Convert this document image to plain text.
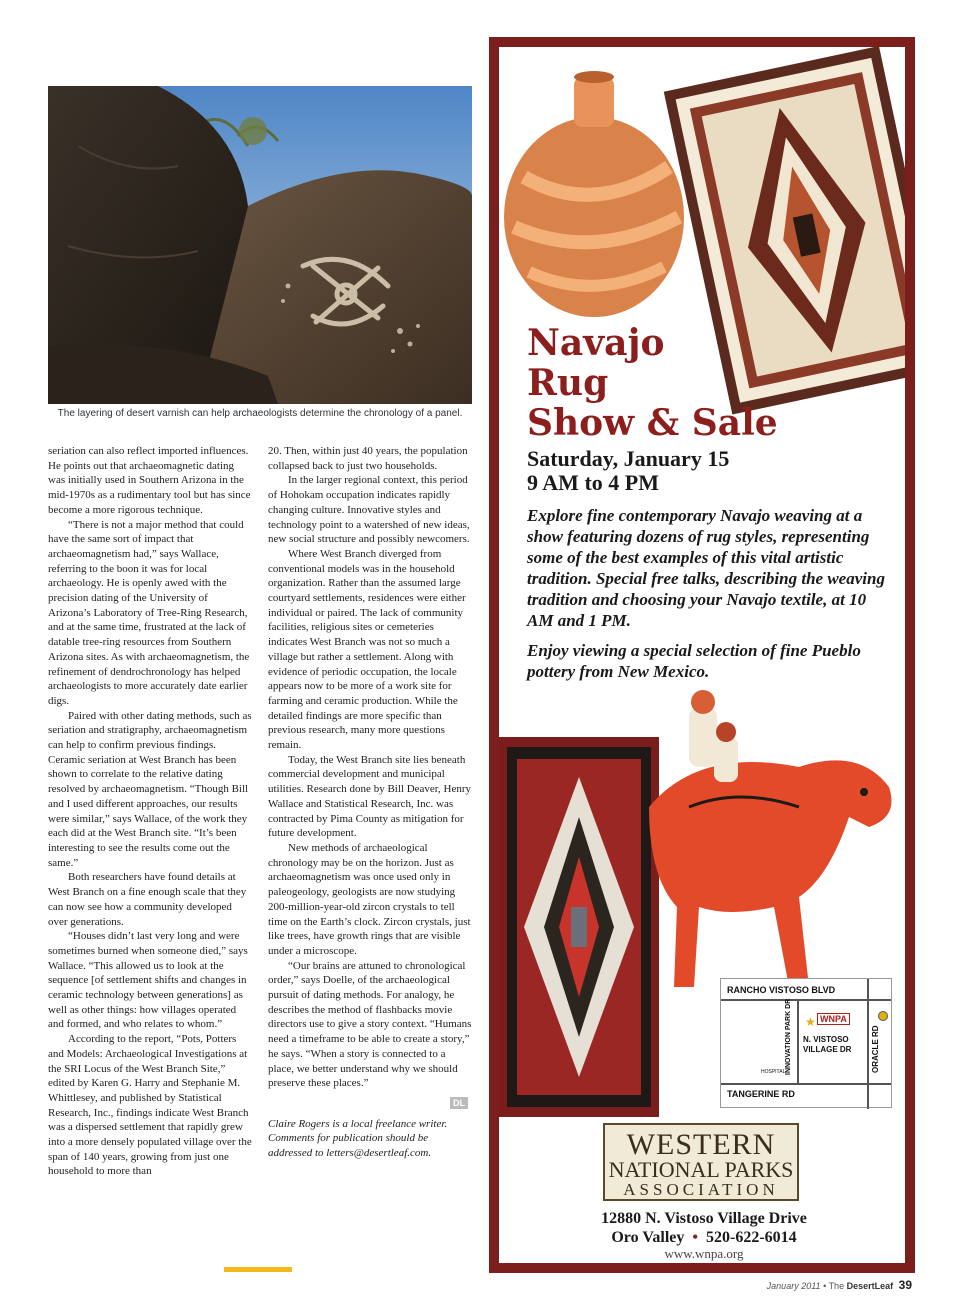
The layering of desert varnish can help archaeologists determine the chronology of a panel.

seriation can also reflect imported influences. He points out that archaeomagnetic dating was initially used in Southern Arizona in the mid-1970s as a rudimentary tool but has since become a more rigorous technique.

“There is not a major method that could have the same sort of impact that archaeomagnetism had,” says Wallace, referring to the boon it was for local archaeology. He is openly awed with the precision dating of the University of Arizona’s Laboratory of Tree-Ring Research, and at the same time, frustrated at the lack of datable tree-ring resources from Southern Arizona sites. As with archaeomagnetism, the refinement of dendrochronology has helped archaeologists to more accurately date earlier digs.

Paired with other dating methods, such as seriation and stratigraphy, archaeomagnetism can help to confirm previous findings. Ceramic seriation at West Branch has been shown to correlate to the relative dating resolved by archaeomagnetism. “Though Bill and I used different approaches, our results were similar,” says Wallace, of the work they each did at the West Branch site. “It’s been interesting to see the results come out the same.”

Both researchers have found details at West Branch on a fine enough scale that they can now see how a community developed over generations.

“Houses didn’t last very long and were sometimes burned when someone died,” says Wallace. “This allowed us to look at the sequence [of settlement shifts and changes in ceramic technology between generations] as well as other things: how villages operated and formed, and who relates to whom.”

According to the report, “Pots, Potters and Models: Archaeological Investigations at the SRI Locus of the West Branch Site,” edited by Karen G. Harry and Stephanie M. Whittlesey, and published by Statistical Research, Inc., findings indicate West Branch was a dispersed settlement that rapidly grew into a more densely populated village over the span of 140 years, growing from just one household to more than

20. Then, within just 40 years, the population collapsed back to just two households.

In the larger regional context, this period of Hohokam occupation indicates rapidly changing culture. Innovative styles and technology point to a watershed of new ideas, new social structure and possibly newcomers.

Where West Branch diverged from conventional models was in the household organization. Rather than the assumed large courtyard settlements, residences were either individual or paired. The lack of community facilities, religious sites or cemeteries indicates West Branch was not so much a village but rather a settlement. Along with evidence of periodic occupation, the locale appears now to be more of a work site for farming and ceramic production. While the detailed findings are more specific than previous research, many more questions remain.

Today, the West Branch site lies beneath commercial development and municipal utilities. Research done by Bill Deaver, Henry Wallace and Statistical Research, Inc. was contracted by Pima County as mitigation for future development.

New methods of archaeological chronology may be on the horizon. Just as archaeomagnetism was once used only in paleogeology, geologists are now studying 200-million-year-old zircon crystals to tell time on the Earth’s clock. Zircon crystals, just like trees, have growth rings that are visible under a microscope.

“Our brains are attuned to chronological order,” says Doelle, of the archaeological pursuit of dating methods. For analogy, he describes the method of flashbacks movie directors use to give a story context. “Humans need a timeframe to be able to create a story,” he says. “When a story is connected to a place, we better understand why we should preserve these places.”

DL
Claire Rogers is a local freelance writer. Comments for publication should be addressed to letters@desertleaf.com.
Navajo
Rug
Show & Sale
Saturday, January 15
9 AM to 4 PM

Explore fine contemporary Navajo weaving at a show featuring dozens of rug styles, representing some of the best examples of this vital artistic tradition. Special free talks, describing the weaving tradition and choosing your Navajo textile, at 10 AM and 1 PM.

Enjoy viewing a special selection of fine Pueblo pottery from New Mexico.

RANCHO VISTOSO BLVD
TANGERINE RD
INNOVATION PARK DR	ORACLE RD
WNPA
★
N. VISTOSO VILLAGE DR
HOSPITAL
WESTERN
NATIONAL PARKS
ASSOCIATION
12880 N. Vistoso Village Drive
Oro Valley  •  520-622-6014
www.wnpa.org
January 2011 • The DesertLeaf 39
